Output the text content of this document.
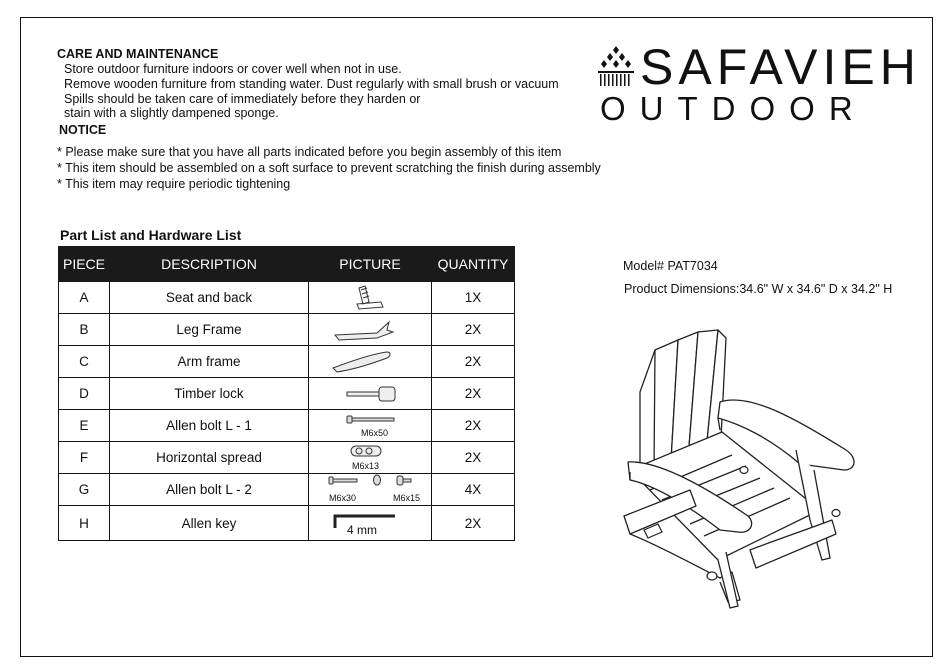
CARE AND MAINTENANCE
Store outdoor furniture indoors or cover well when not in use.
Remove wooden furniture from standing water. Dust regularly with small brush or vacuum
Spills should be taken care of immediately before they harden or
stain with a slightly dampened sponge.
NOTICE
* Please make sure that you have all parts indicated before you begin assembly of this item
* This item should be assembled on a soft surface to prevent scratching the finish during assembly
* This item may require periodic tightening
SAFAVIEH
OUTDOOR
Part List and Hardware List
PIECE	DESCRIPTION	PICTURE	QUANTITY
A	Seat and back		1X
B	Leg Frame		2X
C	Arm frame		2X
D	Timber lock		2X
E	Allen bolt L - 1	M6x50	2X
F	Horizontal spread	M6x13	2X
G	Allen bolt L - 2	M6x30 M6x15	4X
H	Allen key	4 mm	2X
Model# PAT7034
Product Dimensions:34.6" W x 34.6" D x 34.2" H
